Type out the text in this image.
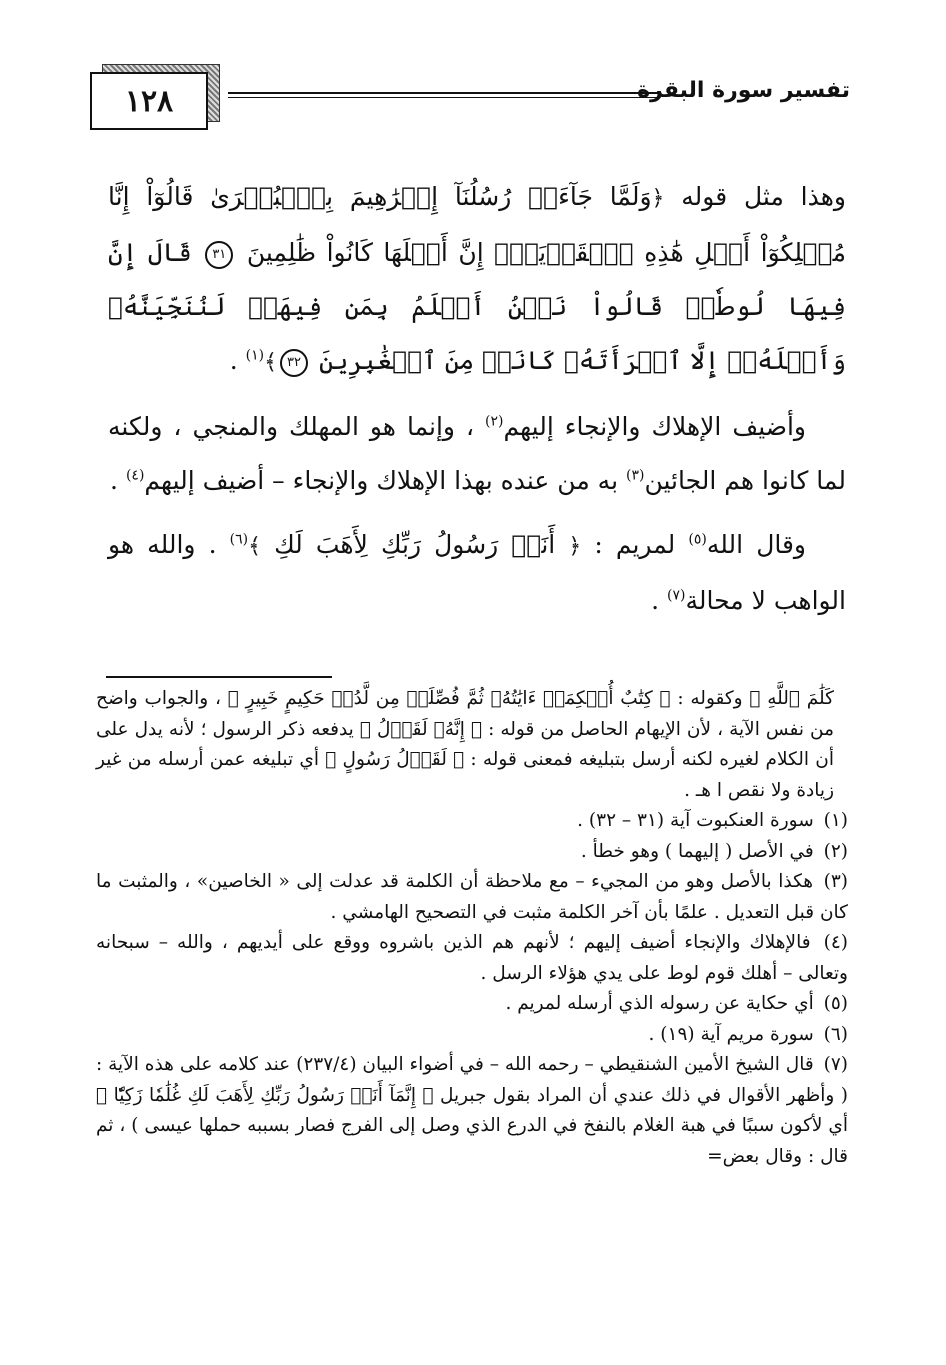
١٢٨	تفسير سورة البقرة

وهذا مثل قوله ﴿وَلَمَّا جَآءَتۡ رُسُلُنَآ إِبۡرَٰهِيمَ بِٱلۡبُشۡرَىٰ قَالُوٓاْ إِنَّا مُهۡلِكُوٓاْ أَهۡلِ هَٰذِهِ ٱلۡقَرۡيَةِۖ إِنَّ أَهۡلَهَا كَانُواْ ظَٰلِمِينَ ٣١ قَالَ إِنَّ فِيهَا لُوطٗاۚ قَالُواْ نَحۡنُ أَعۡلَمُ بِمَن فِيهَاۖ لَنُنَجِّيَنَّهُۥ وَأَهۡلَهُۥٓ إِلَّا ٱمۡرَأَتَهُۥ كَانَتۡ مِنَ ٱلۡغَٰبِرِينَ ٣٢﴾$^{(١)}$ .

وأضيف الإهلاك والإنجاء إليهم$^{(٢)}$ ، وإنما هو المهلك والمنجي ، ولكنه لما كانوا هم الجائين$^{(٣)}$ به من عنده بهذا الإهلاك والإنجاء – أضيف إليهم$^{(٤)}$ .

وقال الله$^{(٥)}$ لمريم : ﴿ أَنَا۠ رَسُولُ رَبِّكِ لِأَهَبَ لَكِ ﴾$^{(٦)}$ . والله هو الواهب لا محالة$^{(٧)}$ .

كَلَٰمَ ٱللَّهِ ﴾ وكقوله : ﴿ كِتَٰبٌ أُحۡكِمَتۡ ءَايَٰتُهُۥ ثُمَّ فُصِّلَتۡ مِن لَّدُنۡ حَكِيمٍ خَبِيرٍ ﴾ ، والجواب واضح من نفس الآية ، لأن الإيهام الحاصل من قوله : ﴿ إِنَّهُۥ لَقَوۡلُ ﴾ يدفعه ذكر الرسول ؛ لأنه يدل على أن الكلام لغيره لكنه أرسل بتبليغه فمعنى قوله : ﴿ لَقَوۡلُ رَسُولٍ ﴾ أي تبليغه عمن أرسله من غير زيادة ولا نقص ا هـ .

(١) سورة العنكبوت آية (٣١ – ٣٢) .

(٢) في الأصل ( إليهما ) وهو خطأ .

(٣) هكذا بالأصل وهو من المجيء – مع ملاحظة أن الكلمة قد عدلت إلى « الخاصين» ، والمثبت ما كان قبل التعديل . علمًا بأن آخر الكلمة مثبت في التصحيح الهامشي .

(٤) فالإهلاك والإنجاء أضيف إليهم ؛ لأنهم هم الذين باشروه ووقع على أيديهم ، والله – سبحانه وتعالى – أهلك قوم لوط على يدي هؤلاء الرسل .

(٥) أي حكاية عن رسوله الذي أرسله لمريم .

(٦) سورة مريم آية (١٩) .

(٧) قال الشيخ الأمين الشنقيطي – رحمه الله – في أضواء البيان (٢٣٧/٤) عند كلامه على هذه الآية : ( وأظهر الأقوال في ذلك عندي أن المراد بقول جبريل ﴿ إِنَّمَآ أَنَا۠ رَسُولُ رَبِّكِ لِأَهَبَ لَكِ غُلَٰمٗا زَكِيّٗا ﴾ أي لأكون سببًا في هبة الغلام بالنفخ في الدرع الذي وصل إلى الفرج فصار بسببه حملها عيسى ) ، ثم قال : وقال بعض=
